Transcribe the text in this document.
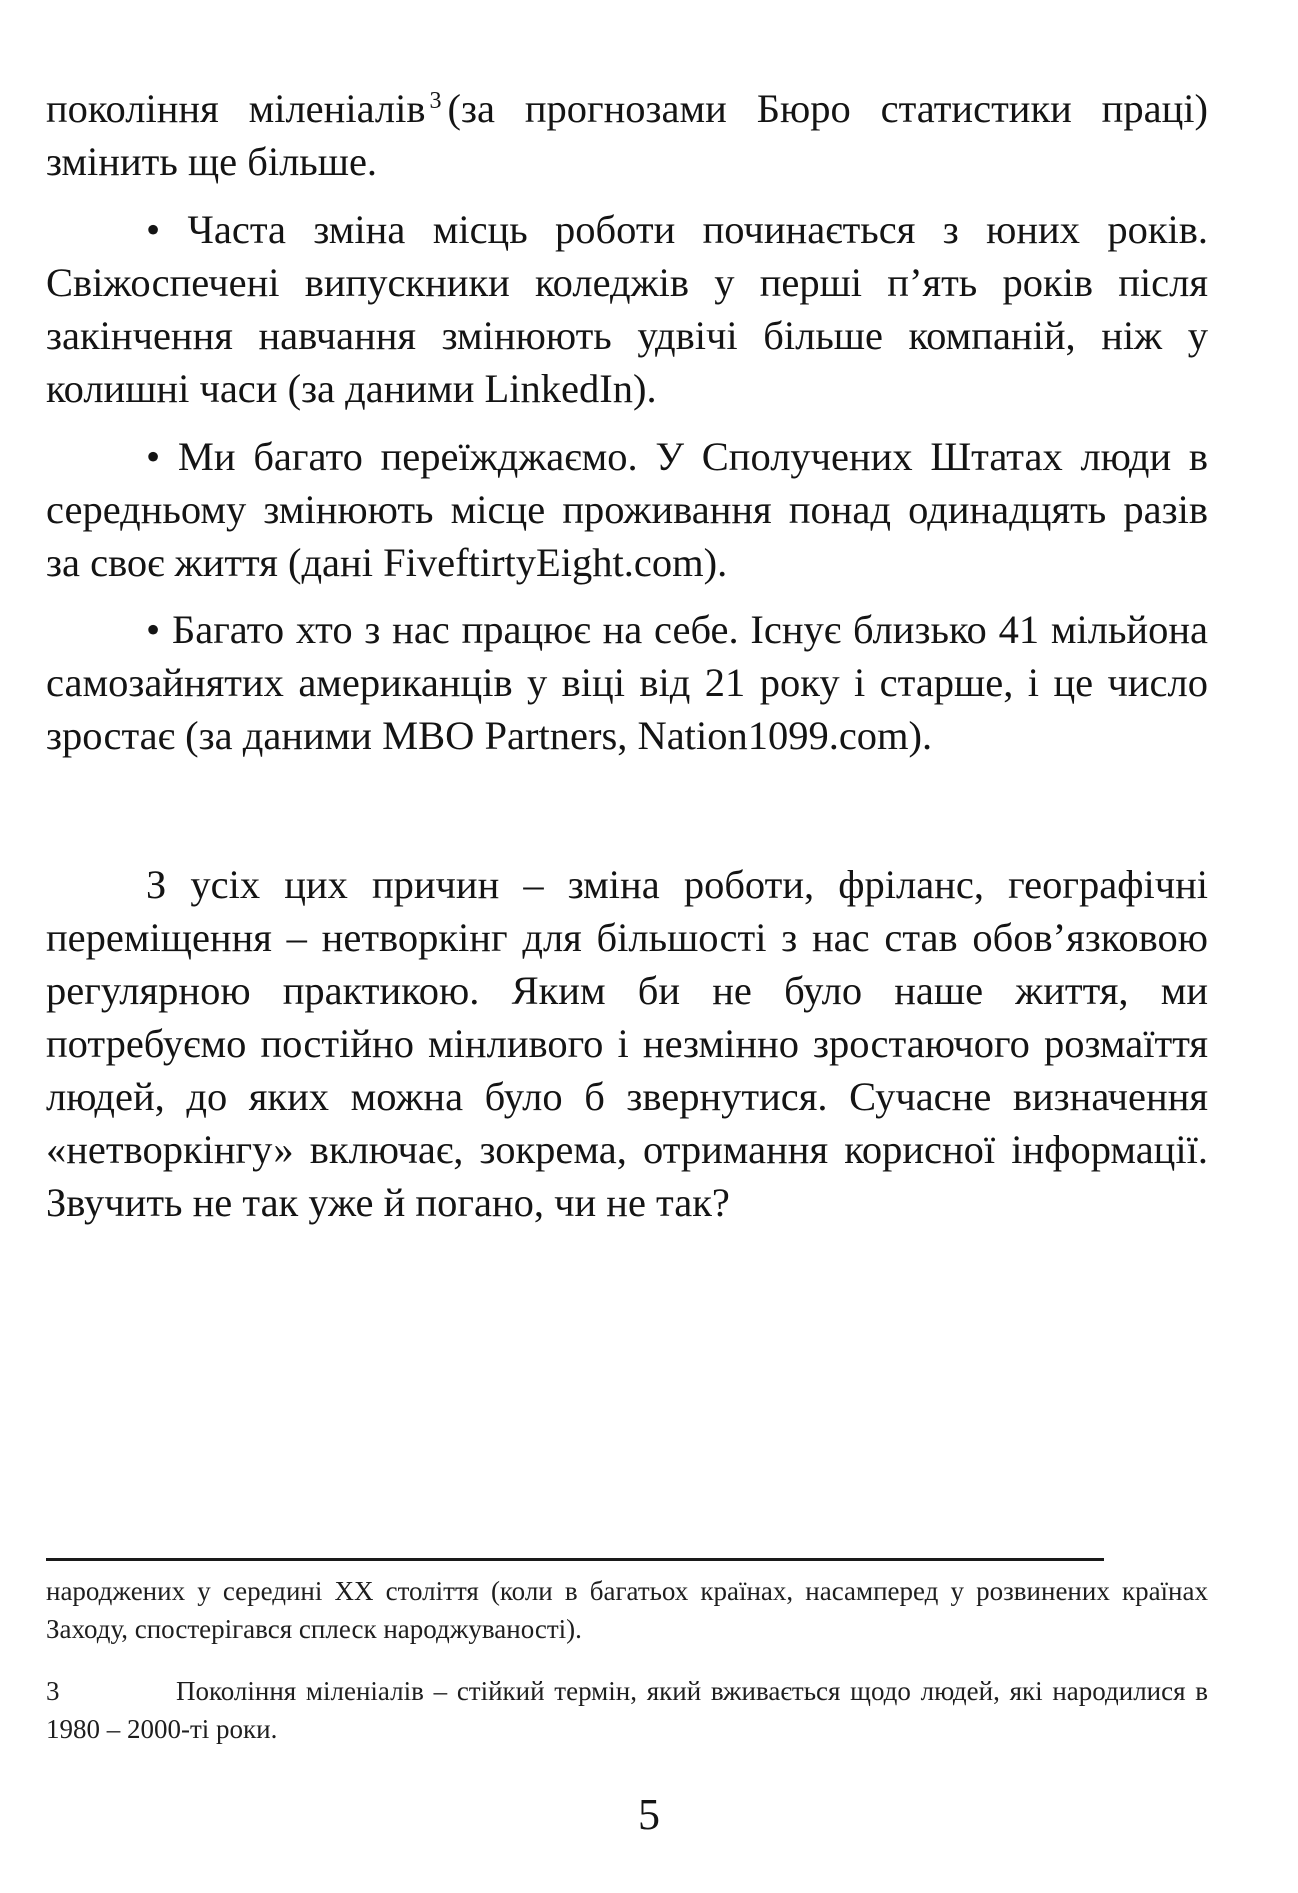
покоління міленіалів $^3$ (за прогнозами Бюро статистики праці) змінить ще більше.
• Часта зміна місць роботи починається з юних років. Свіжоспечені випускники коледжів у перші п’ять років після закінчення навчання змінюють удвічі більше компаній, ніж у колишні часи (за даними LinkedIn).
• Ми багато переїжджаємо. У Сполучених Штатах люди в середньому змінюють місце проживання понад одинадцять разів за своє життя (дані FiveftirtyEight.com).
• Багато хто з нас працює на себе. Існує близько 41 мільйона самозайнятих американців у віці від 21 року і старше, і це число зростає (за даними MBO Partners, Nation1099.com).
З усіх цих причин – зміна роботи, фріланс, географічні переміщення – нетворкінг для більшості з нас став обов’язковою регулярною практикою. Яким би не було наше життя, ми потребуємо постійно мінливого і незмінно зростаючого розмаїття людей, до яких можна було б звернутися. Сучасне визначення «нетворкінгу» включає, зокрема, отримання корисної інформації. Звучить не так уже й погано, чи не так?
народжених у середині XX століття (коли в багатьох країнах, насамперед у розвинених країнах Заходу, спостерігався сплеск народжуваності).
3	Покоління міленіалів – стійкий термін, який вживається щодо людей, які народилися в 1980 – 2000-ті роки.
5
